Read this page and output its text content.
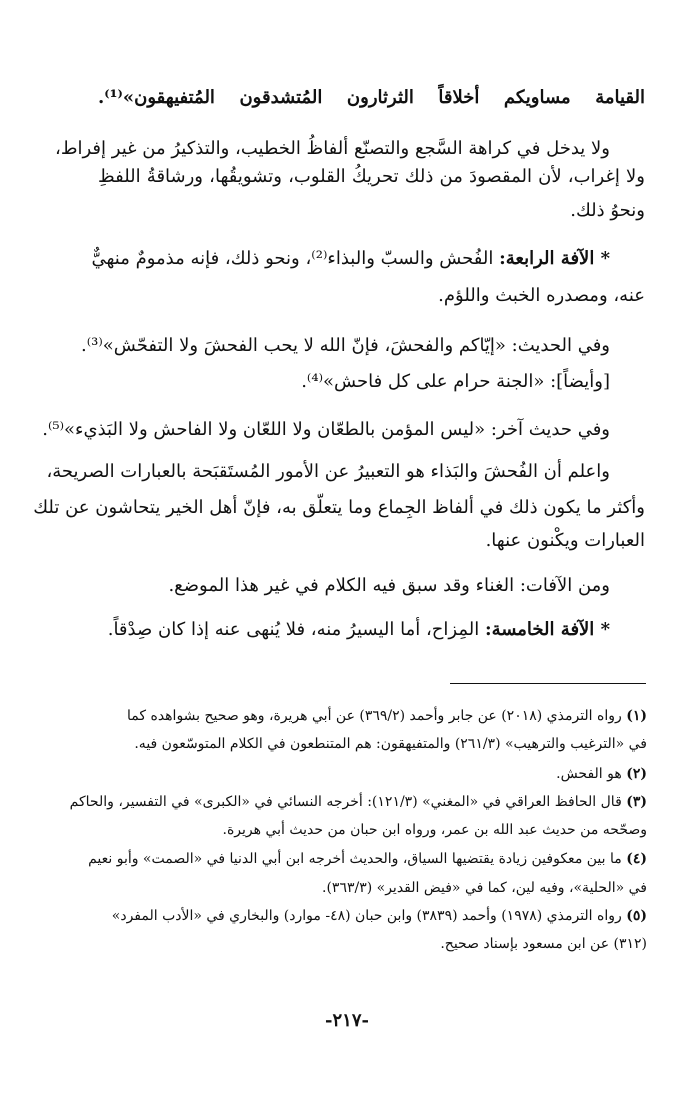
القيامة مساويكم أخلاقاً الثرثارون المُتشدقون المُتفيهقون»⁽¹⁾.
ولا يدخل في كراهة السَّجع والتصنّع ألفاظُ الخطيب، والتذكيرُ من غير إفراط،
ولا إغراب، لأن المقصودَ من ذلك تحريكُ القلوب، وتشويقُها، ورشاقةُ اللفظِ
ونحوُ ذلك.
* الآفة الرابعة: الفُحش والسبّ والبذاء⁽²⁾، ونحو ذلك، فإنه مذمومٌ منهيٌّ
عنه، ومصدره الخبث واللؤم.
وفي الحديث: «إيّاكم والفحشَ، فإنّ الله لا يحب الفحشَ ولا التفحّش»⁽³⁾.
[وأيضاً]: «الجنة حرام على كل فاحش»⁽⁴⁾.
وفي حديث آخر: «ليس المؤمن بالطعّان ولا اللعّان ولا الفاحش ولا البَذيء»⁽⁵⁾.
واعلم أن الفُحشَ والبَذاء هو التعبيرُ عن الأمور المُستَقبَحة بالعبارات الصريحة،
وأكثر ما يكون ذلك في ألفاظ الجِماع وما يتعلّق به، فإنّ أهل الخير يتحاشون عن تلك
العبارات ويكْنون عنها.
ومن الآفات: الغناء وقد سبق فيه الكلام في غير هذا الموضع.
* الآفة الخامسة: المِزاح، أما اليسيرُ منه، فلا يُنهى عنه إذا كان صِدْقاً.
(١) رواه الترمذي (٢٠١٨) عن جابر وأحمد (٣٦٩/٢) عن أبي هريرة، وهو صحيح بشواهده كما
في «الترغيب والترهيب» (٢٦١/٣) والمتفيهقون: هم المتنطعون في الكلام المتوسّعون فيه.
(٢) هو الفحش.
(٣) قال الحافظ العراقي في «المغني» (١٢١/٣): أخرجه النسائي في «الكبرى» في التفسير، والحاكم
وصحّحه من حديث عبد الله بن عمر، ورواه ابن حبان من حديث أبي هريرة.
(٤) ما بين معكوفين زيادة يقتضيها السياق، والحديث أخرجه ابن أبي الدنيا في «الصمت» وأبو نعيم
في «الحلية»، وفيه لين، كما في «فيض القدير» (٣٦٣/٣).
(٥) رواه الترمذي (١٩٧٨) وأحمد (٣٨٣٩) وابن حبان (٤٨- موارد) والبخاري في «الأدب المفرد»
(٣١٢) عن ابن مسعود بإسناد صحيح.
-٢١٧-
